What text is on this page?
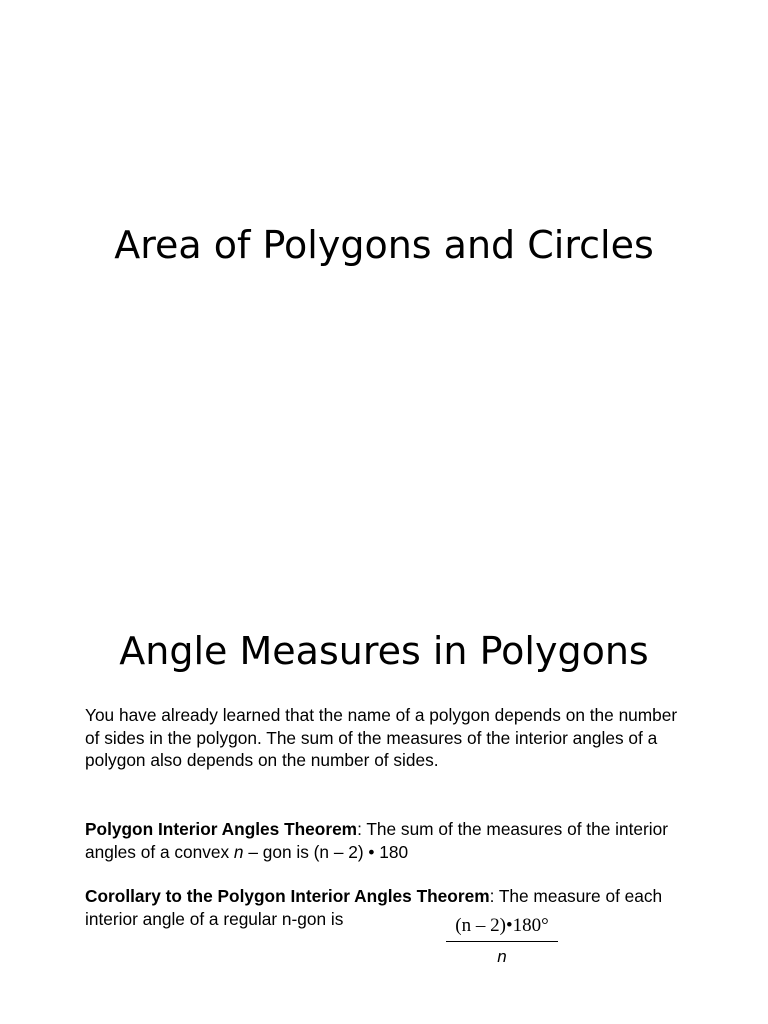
Area of Polygons and Circles
Angle Measures in Polygons

You have already learned that the name of a polygon depends on the number of sides in the polygon. The sum of the measures of the interior angles of a polygon also depends on the number of sides.

Polygon Interior Angles Theorem: The sum of the measures of the interior angles of a convex n – gon is (n – 2) • 180

Corollary to the Polygon Interior Angles Theorem: The measure of each interior angle of a regular n-gon is	(n – 2)•180°
n
